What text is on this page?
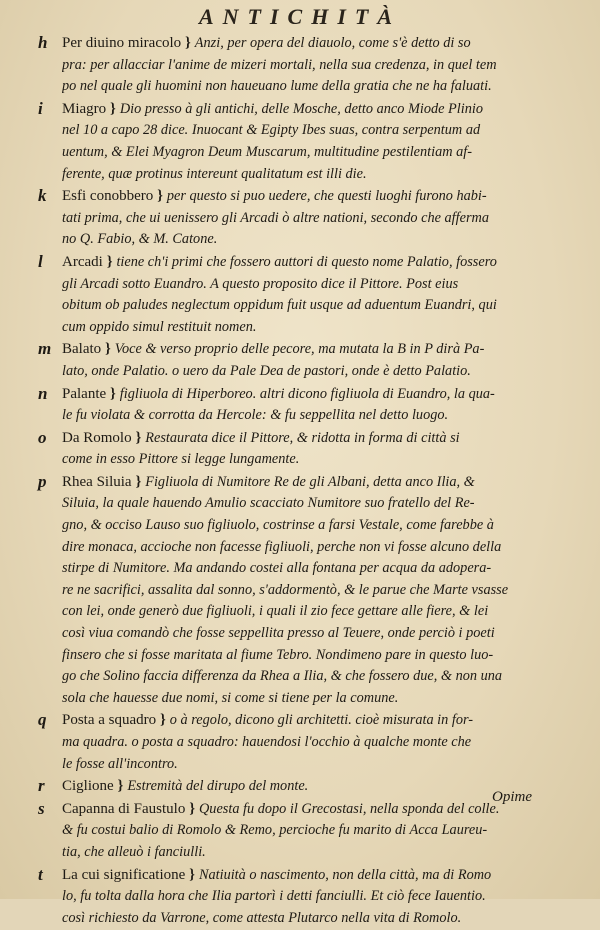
ANTICHITÀ
h Per diuino miracolo } Anzi, per opera del diauolo, come s'è detto di so
pra: per allacciar l'anime de mizeri mortali, nella sua credenza, in quel tem
po nel quale gli huomini non haueuano lume della gratia che ne ha faluati.
i Miagro } Dio presso à gli antichi, delle Mosche, detto anco Miode Plinio
nel 10 a capo 28 dice. Inuocant & Egipty Ibes suas, contra serpentum ad
uentum, & Elei Myagron Deum Muscarum, multitudine pestilentiam af-
ferente, quæ protinus intereunt qualitatum est illi die.
k Esfi conobbero } per questo si puo uedere, che questi luoghi furono habi-
tati prima, che ui uenissero gli Arcadi ò altre nationi, secondo che afferma
no Q. Fabio, & M. Catone.
l Arcadi } tiene ch'i primi che fossero auttori di questo nome Palatio, fossero
gli Arcadi sotto Euandro. A questo proposito dice il Pittore. Post eius
obitum ob paludes neglectum oppidum fuit usque ad aduentum Euandri, qui
cum oppido simul restituit nomen.
m Balato } Voce & verso proprio delle pecore, ma mutata la B in P dirà Pa-
lato, onde Palatio. o uero da Pale Dea de pastori, onde è detto Palatio.
n Palante } figliuola di Hiperboreo. altri dicono figliuola di Euandro, la qua-
le fu violata & corrotta da Hercole: & fu seppellita nel detto luogo.
o Da Romolo } Restaurata dice il Pittore, & ridotta in forma di città si
come in esso Pittore si legge lungamente.
p Rhea Siluia } Figliuola di Numitore Re de gli Albani, detta anco Ilia, &
Siluia, la quale hauendo Amulio scacciato Numitore suo fratello del Re-
gno, & occiso Lauso suo figliuolo, costrinse a farsi Vestale, come farebbe à
dire monaca, accioche non facesse figliuoli, perche non vi fosse alcuno della
stirpe di Numitore. Ma andando costei alla fontana per acqua da adopera-
re ne sacrifici, assalita dal sonno, s'addormentò, & le parue che Marte vsasse
con lei, onde generò due figliuoli, i quali il zio fece gettare alle fiere, & lei
così viua comandò che fosse seppellita presso al Teuere, onde perciò i poeti
finsero che si fosse maritata al fiume Tebro. Nondimeno pare in questo luo-
go che Solino faccia differenza da Rhea a Ilia, & che fossero due, & non una
sola che hauesse due nomi, si come si tiene per la comune.
q Posta a squadro } o à regolo, dicono gli architetti. cioè misurata in for-
ma quadra. o posta a squadro: hauendosi l'occhio à qualche monte che
le fosse all'incontro.
r Ciglione } Estremità del dirupo del monte.
s Capanna di Faustulo } Questa fu dopo il Grecostasi, nella sponda del colle.
& fu costui balio di Romolo & Remo, percioche fu marito di Acca Laureu-
tia, che alleuò i fanciulli.
t La cui significatione } Natiuità o nascimento, non della città, ma di Romo
lo, fu tolta dalla hora che Ilia partorì i detti fanciulli. Et ciò fece Iauentio.
così richiesto da Varrone, come attesta Plutarco nella vita di Romolo.
Opime
